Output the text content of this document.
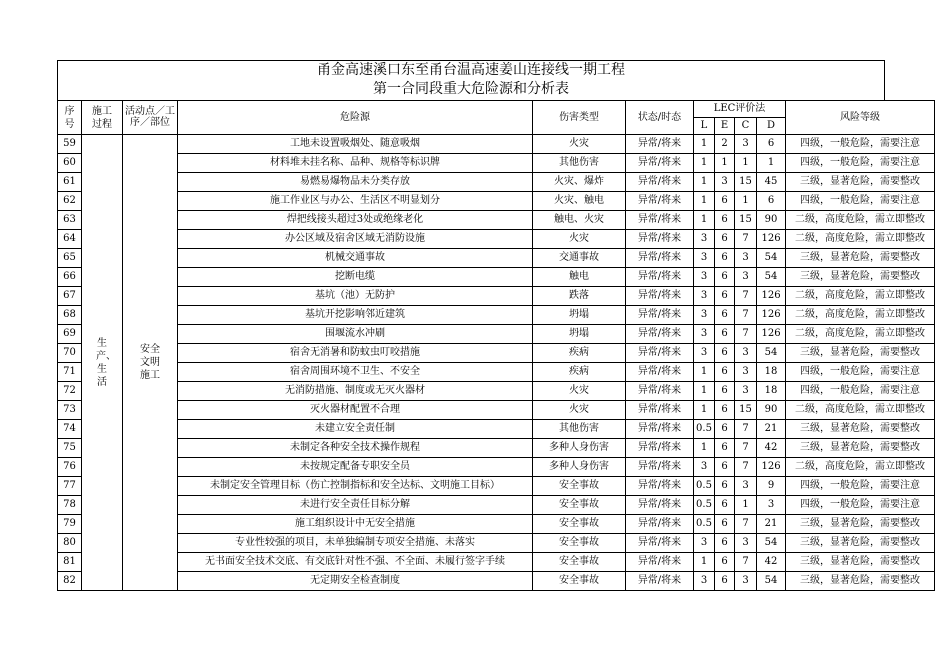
甬金高速溪口东至甬台温高速姜山连接线一期工程
第一合同段重大危险源和分析表
序号	施工过程	活动点／工序／部位	危险源	伤害类型	状态/时态	LEC评价法				风险等级
						L	E	C	D	
59	生产、生活	安全文明施工	工地未设置吸烟处、随意吸烟	火灾	异常/将来	1	2	3	6	四级，一般危险，需要注意
60			材料堆未挂名称、品种、规格等标识牌	其他伤害	异常/将来	1	1	1	1	四级，一般危险，需要注意
61			易燃易爆物品未分类存放	火灾、爆炸	异常/将来	1	3	15	45	三级，显著危险，需要整改
62			施工作业区与办公、生活区不明显划分	火灾、触电	异常/将来	1	6	1	6	四级，一般危险，需要注意
63			焊把线接头超过3处或绝缘老化	触电、火灾	异常/将来	1	6	15	90	二级，高度危险，需立即整改
64			办公区域及宿舍区域无消防设施	火灾	异常/将来	3	6	7	126	二级，高度危险，需立即整改
65			机械交通事故	交通事故	异常/将来	3	6	3	54	三级，显著危险，需要整改
66			挖断电缆	触电	异常/将来	3	6	3	54	三级，显著危险，需要整改
67			基坑（池）无防护	跌落	异常/将来	3	6	7	126	二级，高度危险，需立即整改
68			基坑开挖影响邻近建筑	坍塌	异常/将来	3	6	7	126	二级，高度危险，需立即整改
69			围堰流水冲刷	坍塌	异常/将来	3	6	7	126	二级，高度危险，需立即整改
70			宿舍无消暑和防蚊虫叮咬措施	疾病	异常/将来	3	6	3	54	三级，显著危险，需要整改
71			宿舍周围环境不卫生、不安全	疾病	异常/将来	1	6	3	18	四级，一般危险，需要注意
72			无消防措施、制度或无灭火器材	火灾	异常/将来	1	6	3	18	四级，一般危险，需要注意
73			灭火器材配置不合理	火灾	异常/将来	1	6	15	90	二级，高度危险，需立即整改
74			未建立安全责任制	其他伤害	异常/将来	0.5	6	7	21	三级，显著危险，需要整改
75			未制定各种安全技术操作规程	多种人身伤害	异常/将来	1	6	7	42	三级，显著危险，需要整改
76			未按规定配备专职安全员	多种人身伤害	异常/将来	3	6	7	126	二级，高度危险，需立即整改
77			未制定安全管理目标（伤亡控制指标和安全达标、文明施工目标）	安全事故	异常/将来	0.5	6	3	9	四级，一般危险，需要注意
78			未进行安全责任目标分解	安全事故	异常/将来	0.5	6	1	3	四级，一般危险，需要注意
79			施工组织设计中无安全措施	安全事故	异常/将来	0.5	6	7	21	三级，显著危险，需要整改
80			专业性较强的项目，未单独编制专项安全措施、未落实	安全事故	异常/将来	3	6	3	54	三级，显著危险，需要整改
81			无书面安全技术交底、有交底针对性不强、不全面、未履行签字手续	安全事故	异常/将来	1	6	7	42	三级，显著危险，需要整改
82			无定期安全检查制度	安全事故	异常/将来	3	6	3	54	三级，显著危险，需要整改
